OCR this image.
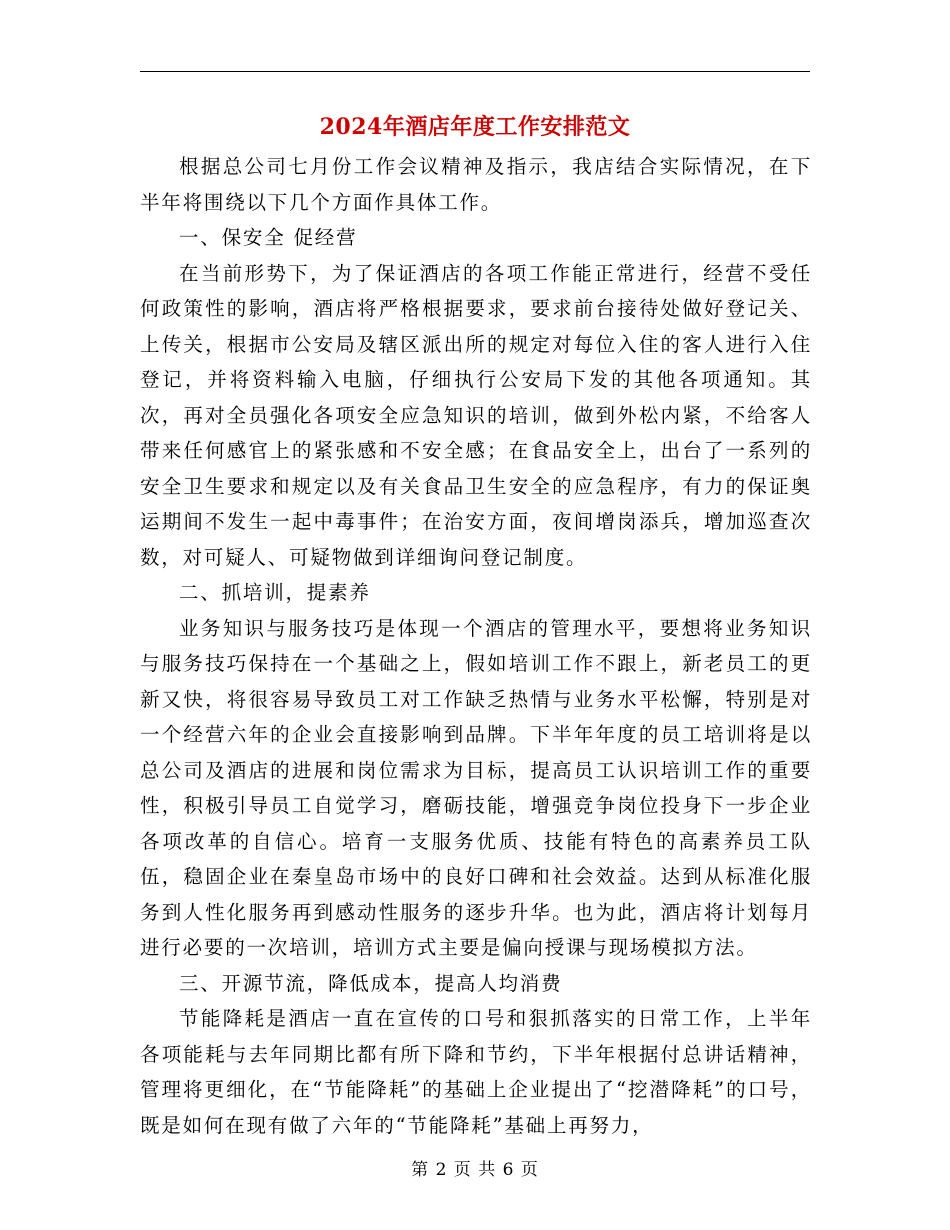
2024年酒店年度工作安排范文

根据总公司七月份工作会议精神及指示，我店结合实际情况，在下半年将围绕以下几个方面作具体工作。

一、保安全 促经营

在当前形势下，为了保证酒店的各项工作能正常进行，经营不受任何政策性的影响，酒店将严格根据要求，要求前台接待处做好登记关、上传关，根据市公安局及辖区派出所的规定对每位入住的客人进行入住登记，并将资料输入电脑，仔细执行公安局下发的其他各项通知。其次，再对全员强化各项安全应急知识的培训，做到外松内紧，不给客人带来任何感官上的紧张感和不安全感；在食品安全上，出台了一系列的安全卫生要求和规定以及有关食品卫生安全的应急程序，有力的保证奥运期间不发生一起中毒事件；在治安方面，夜间增岗添兵，增加巡查次数，对可疑人、可疑物做到详细询问登记制度。

二、抓培训，提素养

业务知识与服务技巧是体现一个酒店的管理水平，要想将业务知识与服务技巧保持在一个基础之上，假如培训工作不跟上，新老员工的更新又快，将很容易导致员工对工作缺乏热情与业务水平松懈，特别是对一个经营六年的企业会直接影响到品牌。下半年年度的员工培训将是以总公司及酒店的进展和岗位需求为目标，提高员工认识培训工作的重要性，积极引导员工自觉学习，磨砺技能，增强竞争岗位投身下一步企业各项改革的自信心。培育一支服务优质、技能有特色的高素养员工队伍，稳固企业在秦皇岛市场中的良好口碑和社会效益。达到从标准化服务到人性化服务再到感动性服务的逐步升华。也为此，酒店将计划每月进行必要的一次培训，培训方式主要是偏向授课与现场模拟方法。

三、开源节流，降低成本，提高人均消费

节能降耗是酒店一直在宣传的口号和狠抓落实的日常工作，上半年各项能耗与去年同期比都有所下降和节约，下半年根据付总讲话精神，管理将更细化，在“节能降耗”的基础上企业提出了“挖潜降耗”的口号，既是如何在现有做了六年的“节能降耗”基础上再努力，

第 2 页 共 6 页
